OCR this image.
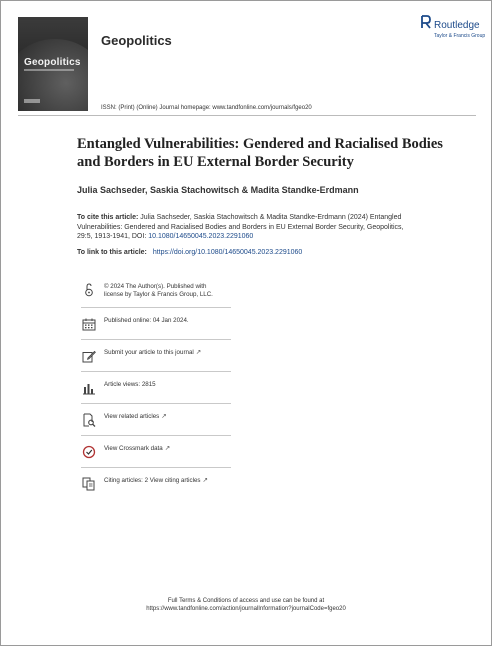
Geopolitics
Geopolitics
Routledge
Taylor & Francis Group
ISSN: (Print) (Online) Journal homepage: www.tandfonline.com/journals/fgeo20
Entangled Vulnerabilities: Gendered and Racialised Bodies and Borders in EU External Border Security
Julia Sachseder, Saskia Stachowitsch & Madita Standke-Erdmann
To cite this article: Julia Sachseder, Saskia Stachowitsch & Madita Standke-Erdmann (2024) Entangled Vulnerabilities: Gendered and Racialised Bodies and Borders in EU External Border Security, Geopolitics, 29:5, 1913-1941, DOI: 10.1080/14650045.2023.2291060
To link to this article: https://doi.org/10.1080/14650045.2023.2291060
© 2024 The Author(s). Published with
license by Taylor & Francis Group, LLC.
Published online: 04 Jan 2024.
Submit your article to this journal ↗
Article views: 2815
View related articles ↗
View Crossmark data ↗
Citing articles: 2 View citing articles ↗
Full Terms & Conditions of access and use can be found at
https://www.tandfonline.com/action/journalInformation?journalCode=fgeo20
